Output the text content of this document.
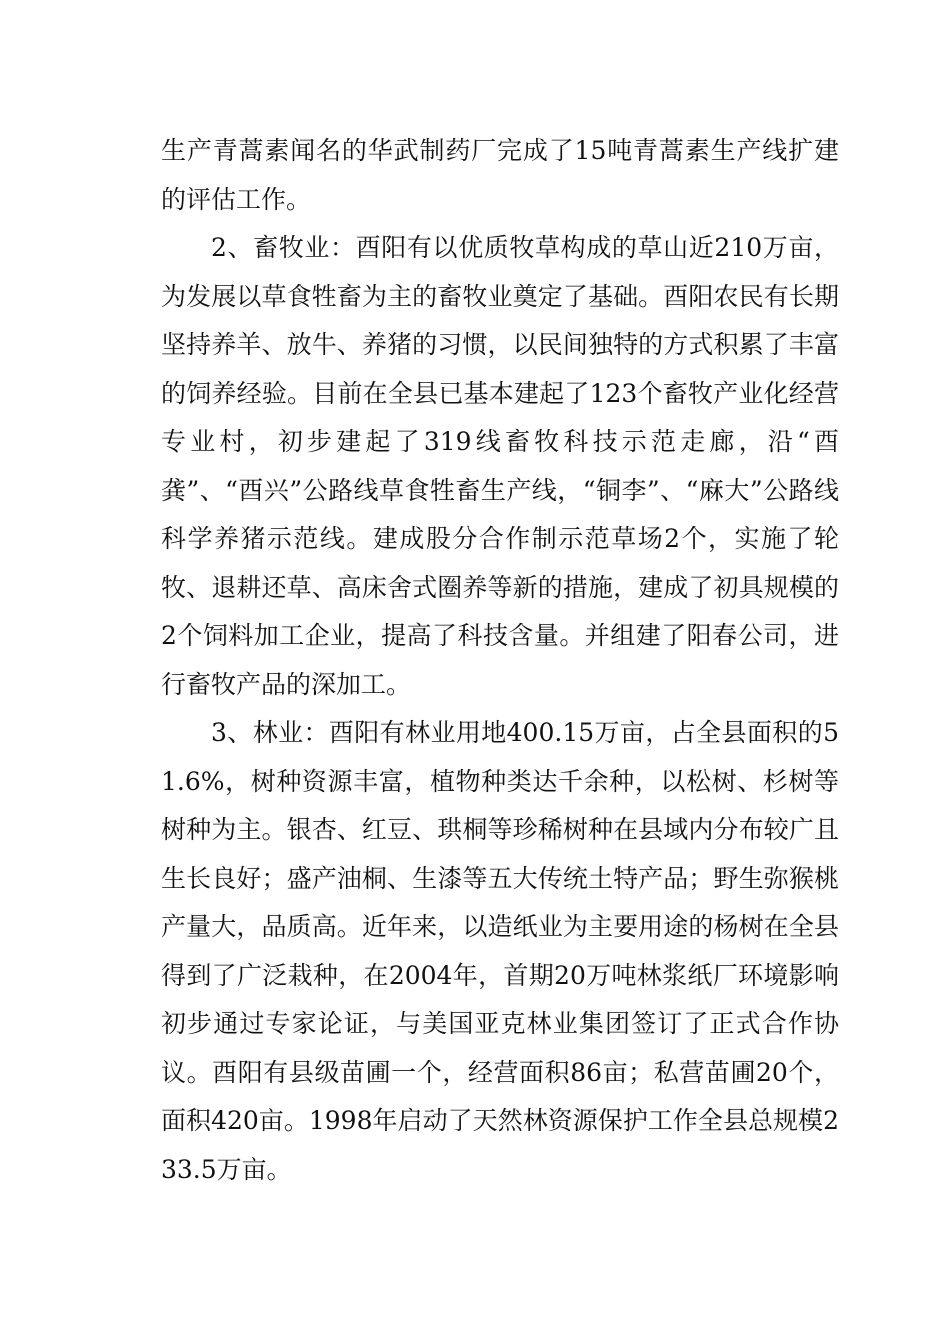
生产青蒿素闻名的华武制药厂完成了15吨青蒿素生产线扩建的评估工作。

2、畜牧业：酉阳有以优质牧草构成的草山近210万亩，为发展以草食牲畜为主的畜牧业奠定了基础。酉阳农民有长期坚持养羊、放牛、养猪的习惯，以民间独特的方式积累了丰富的饲养经验。目前在全县已基本建起了123个畜牧产业化经营专业村，初步建起了319线畜牧科技示范走廊，沿“酉龚”、“酉兴”公路线草食牲畜生产线，“铜李”、“麻大”公路线科学养猪示范线。建成股分合作制示范草场2个，实施了轮牧、退耕还草、高床舍式圈养等新的措施，建成了初具规模的2个饲料加工企业，提高了科技含量。并组建了阳春公司，进行畜牧产品的深加工。

3、林业：酉阳有林业用地400.15万亩，占全县面积的51.6%，树种资源丰富，植物种类达千余种，以松树、杉树等树种为主。银杏、红豆、珙桐等珍稀树种在县域内分布较广且生长良好；盛产油桐、生漆等五大传统土特产品；野生弥猴桃产量大，品质高。近年来，以造纸业为主要用途的杨树在全县得到了广泛栽种，在2004年，首期20万吨林浆纸厂环境影响初步通过专家论证，与美国亚克林业集团签订了正式合作协议。酉阳有县级苗圃一个，经营面积86亩；私营苗圃20个，面积420亩。1998年启动了天然林资源保护工作全县总规模233.5万亩。
